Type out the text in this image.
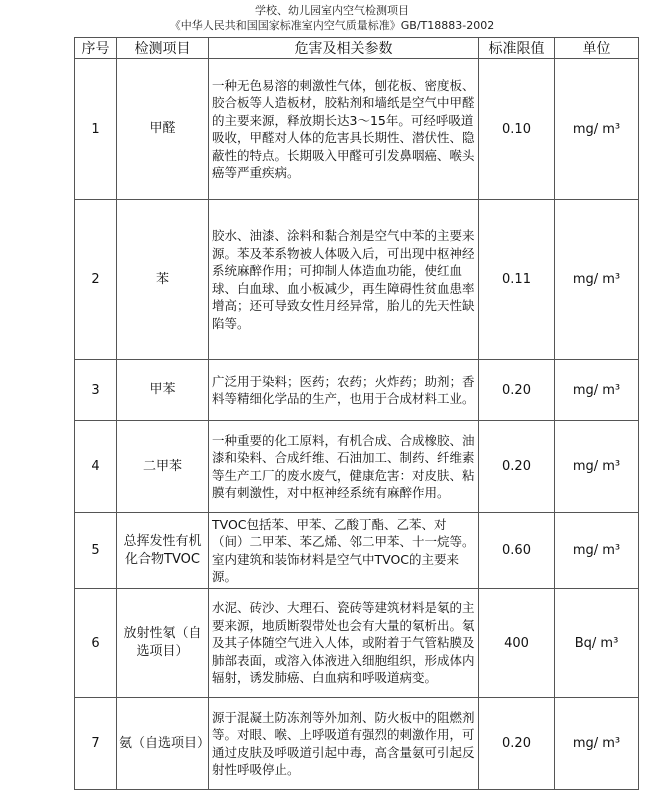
学校、幼儿园室内空气检测项目
《中华人民共和国国家标准室内空气质量标准》GB/T18883-2002
序号	检测项目	危害及相关参数	标准限值	单位
1	甲醛	一种无色易溶的刺激性气体，刨花板、密度板、胶合板等人造板材，胶粘剂和墙纸是空气中甲醛的主要来源，释放期长达3～15年。可经呼吸道吸收，甲醛对人体的危害具长期性、潜伏性、隐蔽性的特点。长期吸入甲醛可引发鼻咽癌、喉头癌等严重疾病。	0.10	mg/ m³
2	苯	胶水、油漆、涂料和黏合剂是空气中苯的主要来源。苯及苯系物被人体吸入后，可出现中枢神经系统麻醉作用；可抑制人体造血功能，使红血球、白血球、血小板减少，再生障碍性贫血患率增高；还可导致女性月经异常，胎儿的先天性缺陷等。	0.11	mg/ m³
3	甲苯	广泛用于染料；医药；农药；火炸药；助剂；香料等精细化学品的生产，也用于合成材料工业。	0.20	mg/ m³
4	二甲苯	一种重要的化工原料，有机合成、合成橡胶、油漆和染料、合成纤维、石油加工、制药、纤维素等生产工厂的废水废气，健康危害：对皮肤、粘膜有刺激性，对中枢神经系统有麻醉作用。	0.20	mg/ m³
5	总挥发性有机化合物TVOC	TVOC包括苯、甲苯、乙酸丁酯、乙苯、对（间）二甲苯、苯乙烯、邻二甲苯、十一烷等。室内建筑和装饰材料是空气中TVOC的主要来源。	0.60	mg/ m³
6	放射性氡（自选项目）	水泥、砖沙、大理石、瓷砖等建筑材料是氡的主要来源，地质断裂带处也会有大量的氡析出。氡及其子体随空气进入人体，或附着于气管粘膜及肺部表面，或溶入体液进入细胞组织，形成体内辐射，诱发肺癌、白血病和呼吸道病变。	400	Bq/ m³
7	氨（自选项目）	源于混凝土防冻剂等外加剂、防火板中的阻燃剂等。对眼、喉、上呼吸道有强烈的刺激作用，可通过皮肤及呼吸道引起中毒，高含量氨可引起反射性呼吸停止。	0.20	mg/ m³
